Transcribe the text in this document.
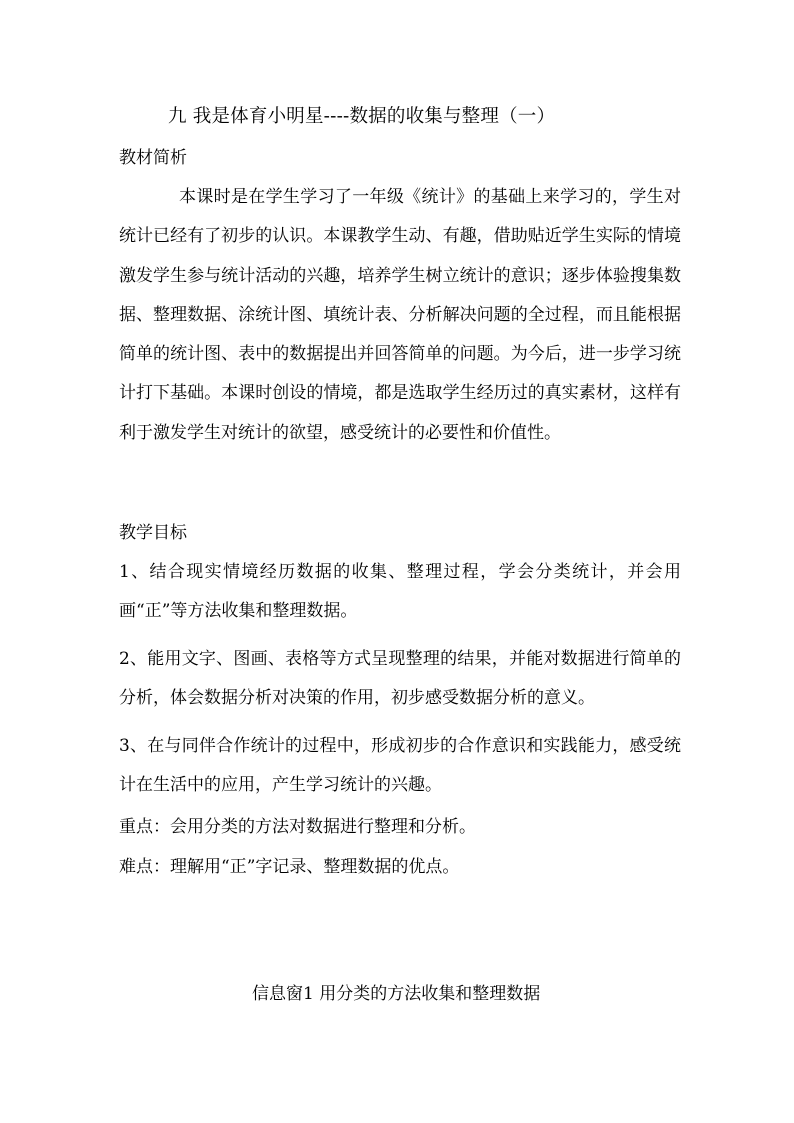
九 我是体育小明星----数据的收集与整理（一）
教材简析

本课时是在学生学习了一年级《统计》的基础上来学习的，学生对统计已经有了初步的认识。本课教学生动、有趣，借助贴近学生实际的情境激发学生参与统计活动的兴趣，培养学生树立统计的意识；逐步体验搜集数据、整理数据、涂统计图、填统计表、分析解决问题的全过程，而且能根据简单的统计图、表中的数据提出并回答简单的问题。为今后，进一步学习统计打下基础。本课时创设的情境，都是选取学生经历过的真实素材，这样有利于激发学生对统计的欲望，感受统计的必要性和价值性。

教学目标

1、结合现实情境经历数据的收集、整理过程，学会分类统计，并会用画“正”等方法收集和整理数据。

2、能用文字、图画、表格等方式呈现整理的结果，并能对数据进行简单的分析，体会数据分析对决策的作用，初步感受数据分析的意义。

3、在与同伴合作统计的过程中，形成初步的合作意识和实践能力，感受统计在生活中的应用，产生学习统计的兴趣。

重点：会用分类的方法对数据进行整理和分析。
难点：理解用“正”字记录、整理数据的优点。
信息窗1 用分类的方法收集和整理数据
